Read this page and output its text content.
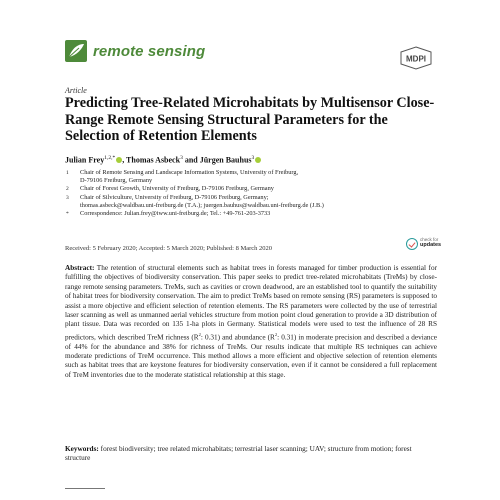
remote sensing	MDPI
Article
Predicting Tree-Related Microhabitats by Multisensor Close-Range Remote Sensing Structural Parameters for the Selection of Retention Elements
Julian Frey$^{1,2,*}$ , Thomas Asbeck$^3$ and Jürgen Bauhus$^3$
1	Chair of Remote Sensing and Landscape Information Systems, University of Freiburg,
D-79106 Freiburg, Germany
2	Chair of Forest Growth, University of Freiburg, D-79106 Freiburg, Germany
3	Chair of Silviculture, University of Freiburg, D-79106 Freiburg, Germany;
thomas.asbeck@waldbau.uni-freiburg.de (T.A.); juergen.bauhus@waldbau.uni-freiburg.de (J.B.)
*	Correspondence: Julian.frey@iww.uni-freiburg.de; Tel.: +49-761-203-3733
Received: 5 February 2020; Accepted: 5 March 2020; Published: 8 March 2020
check for
updates
Abstract: The retention of structural elements such as habitat trees in forests managed for timber production is essential for fulfilling the objectives of biodiversity conservation. This paper seeks to predict tree-related microhabitats (TreMs) by close-range remote sensing parameters. TreMs, such as cavities or crown deadwood, are an established tool to quantify the suitability of habitat trees for biodiversity conservation. The aim to predict TreMs based on remote sensing (RS) parameters is supposed to assist a more objective and efficient selection of retention elements. The RS parameters were collected by the use of terrestrial laser scanning as well as unmanned aerial vehicles structure from motion point cloud generation to provide a 3D distribution of plant tissue. Data was recorded on 135 1-ha plots in Germany. Statistical models were used to test the influence of 28 RS predictors, which described TreM richness ($R^2$: 0.31) and abundance ($R^2$: 0.31) in moderate precision and described a deviance of 44% for the abundance and 38% for richness of TreMs. Our results indicate that multiple RS techniques can achieve moderate predictions of TreM occurrence. This method allows a more efficient and objective selection of retention elements such as habitat trees that are keystone features for biodiversity conservation, even if it cannot be considered a full replacement of TreM inventories due to the moderate statistical relationship at this stage.
Keywords: forest biodiversity; tree related microhabitats; terrestrial laser scanning; UAV; structure from motion; forest structure
